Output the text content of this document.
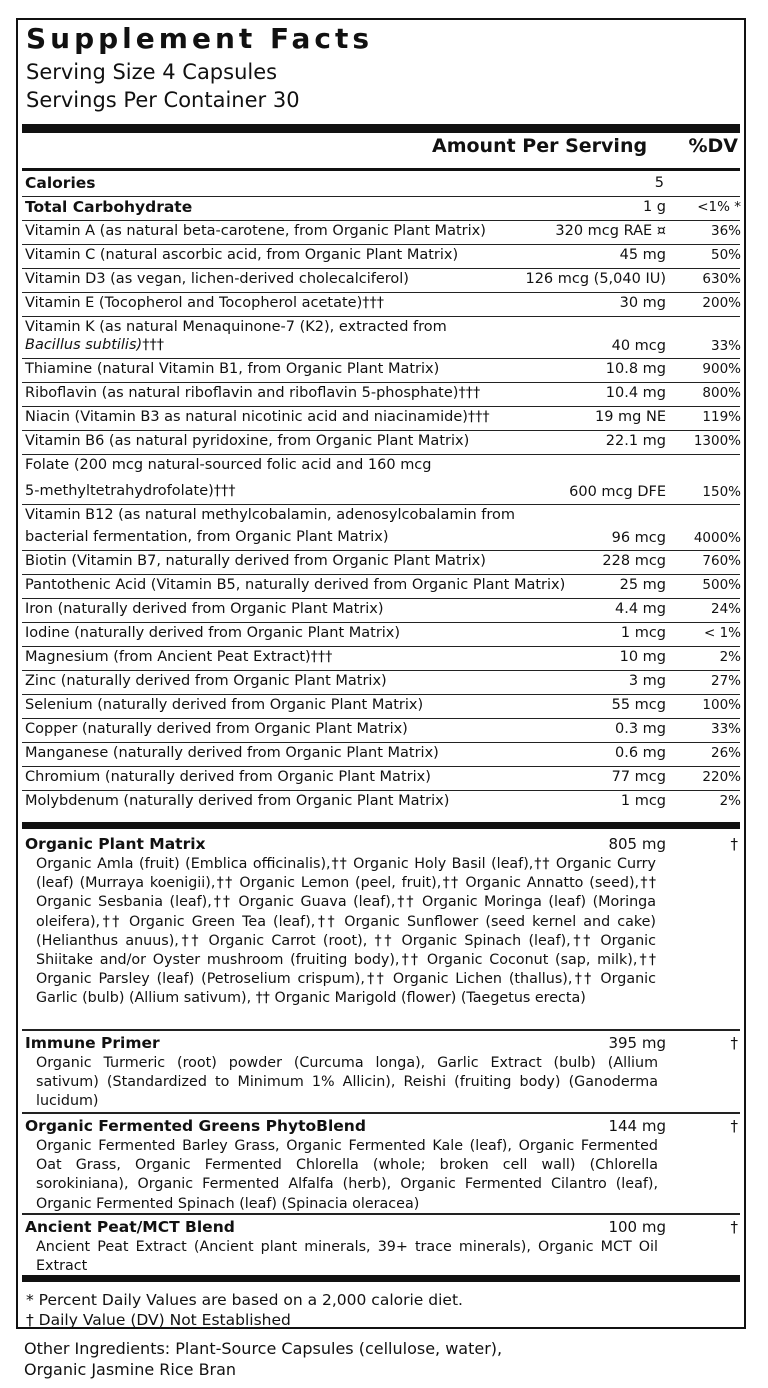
Supplement Facts
Serving Size 4 Capsules
Servings Per Container 30
Amount Per Serving %DV
Calories	5
Total Carbohydrate	1 g <1% *
Vitamin A (as natural beta-carotene, from Organic Plant Matrix)	320 mcg RAE ¤	36%
Vitamin C (natural ascorbic acid, from Organic Plant Matrix)	45 mg	50%
Vitamin D3 (as vegan, lichen-derived cholecalciferol)	126 mcg (5,040 IU)	630%
Vitamin E (Tocopherol and Tocopherol acetate)†††	30 mg	200%
Vitamin K (as natural Menaquinone-7 (K2), extracted from
Bacillus subtilis)†††	40 mcg	33%
Thiamine (natural Vitamin B1, from Organic Plant Matrix)	10.8 mg	900%
Riboflavin (as natural riboflavin and riboflavin 5-phosphate)†††	10.4 mg	800%
Niacin (Vitamin B3 as natural nicotinic acid and niacinamide)†††	19 mg NE	119%
Vitamin B6 (as natural pyridoxine, from Organic Plant Matrix)	22.1 mg 1300%
Folate (200 mcg natural-sourced folic acid and 160 mcg
5-methyltetrahydrofolate)†††	600 mcg DFE	150%
Vitamin B12 (as natural methylcobalamin, adenosylcobalamin from
bacterial fermentation, from Organic Plant Matrix)	96 mcg 4000%
Biotin (Vitamin B7, naturally derived from Organic Plant Matrix)	228 mcg	760%
Pantothenic Acid (Vitamin B5, naturally derived from Organic Plant Matrix)	25 mg	500%
Iron (naturally derived from Organic Plant Matrix)	4.4 mg	24%
Iodine (naturally derived from Organic Plant Matrix)	1 mcg	< 1%
Magnesium (from Ancient Peat Extract)†††	10 mg	2%
Zinc (naturally derived from Organic Plant Matrix)	3 mg	27%
Selenium (naturally derived from Organic Plant Matrix)	55 mcg	100%
Copper (naturally derived from Organic Plant Matrix)	0.3 mg	33%
Manganese (naturally derived from Organic Plant Matrix)	0.6 mg	26%
Chromium (naturally derived from Organic Plant Matrix)	77 mcg	220%
Molybdenum (naturally derived from Organic Plant Matrix)	1 mcg	2%
Organic Plant Matrix	805 mg	†
Organic Amla (fruit) (Emblica officinalis),†† Organic Holy Basil (leaf),†† Organic Curry (leaf) (Murraya koenigii),†† Organic Lemon (peel, fruit),†† Organic Annatto (seed),†† Organic Sesbania (leaf),†† Organic Guava (leaf),†† Organic Moringa (leaf) (Moringa oleifera),†† Organic Green Tea (leaf),†† Organic Sunflower (seed kernel and cake) (Helianthus anuus),†† Organic Carrot (root), †† Organic Spinach (leaf),†† Organic Shiitake and/or Oyster mushroom (fruiting body),†† Organic Coconut (sap, milk),†† Organic Parsley (leaf) (Petroselium crispum),†† Organic Lichen (thallus),†† Organic Garlic (bulb) (Allium sativum), †† Organic Marigold (flower) (Taegetus erecta)
Immune Primer	395 mg	†
Organic Turmeric (root) powder (Curcuma longa), Garlic Extract (bulb) (Allium sativum) (Standardized to Minimum 1% Allicin), Reishi (fruiting body) (Ganoderma lucidum)
Organic Fermented Greens PhytoBlend	144 mg	†
Organic Fermented Barley Grass, Organic Fermented Kale (leaf), Organic Fermented Oat Grass, Organic Fermented Chlorella (whole; broken cell wall) (Chlorella sorokiniana), Organic Fermented Alfalfa (herb), Organic Fermented Cilantro (leaf), Organic Fermented Spinach (leaf) (Spinacia oleracea)
Ancient Peat/MCT Blend	100 mg	†
Ancient Peat Extract (Ancient plant minerals, 39+ trace minerals), Organic MCT Oil Extract
* Percent Daily Values are based on a 2,000 calorie diet.
† Daily Value (DV) Not Established
Other Ingredients: Plant-Source Capsules (cellulose, water),
Organic Jasmine Rice Bran
